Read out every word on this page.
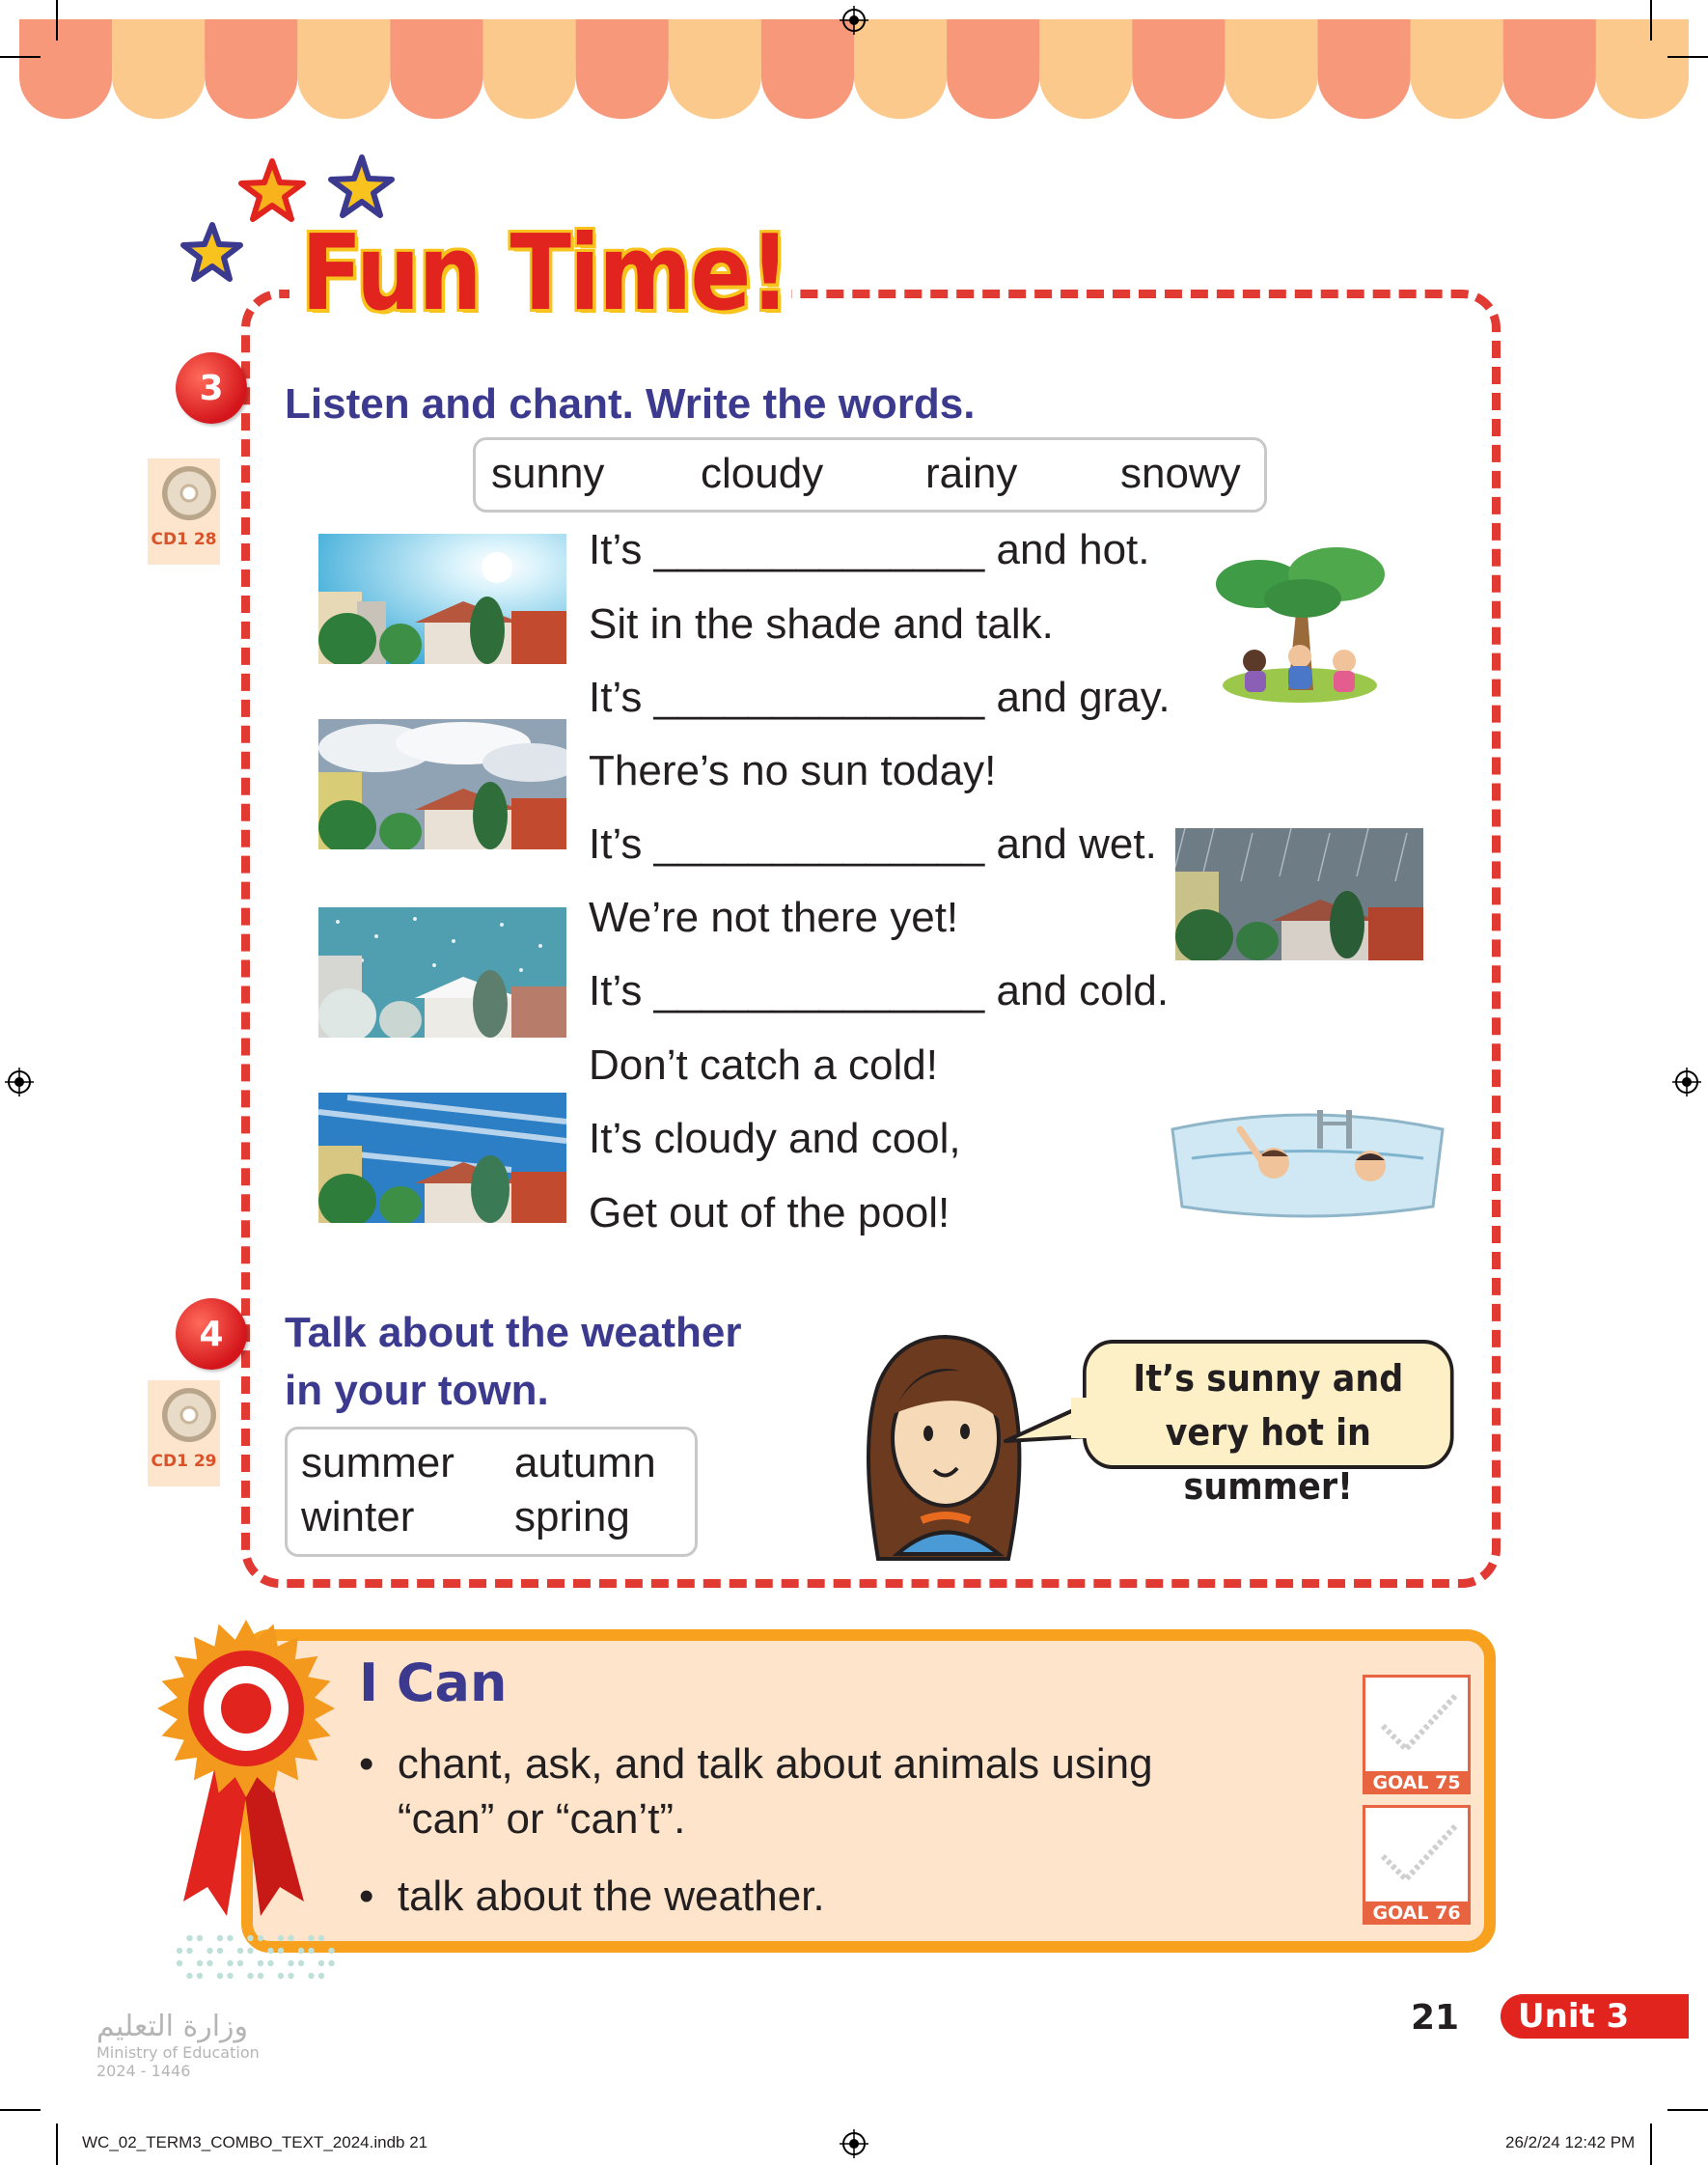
Fun Time!
3	Listen and chant. Write the words.
CD1 28
sunny cloudy rainy snowy
It’s ______________ and hot.
Sit in the shade and talk.
It’s ______________ and gray.
There’s no sun today!
It’s ______________ and wet.
We’re not there yet!
It’s ______________ and cold.
Don’t catch a cold!
It’s cloudy and cool,
Get out of the pool!
4	Talk about the weather
in your town.
CD1 29 summer autumn
winter spring
It’s sunny and
very hot in summer!
I Can
•  chant, ask, and talk about animals using
“can” or “can’t”.
•  talk about the weather.
GOAL 75
GOAL 76
21	Unit 3
وزارة التعليم
Ministry of Education
2024 - 1446
WC_02_TERM3_COMBO_TEXT_2024.indb 21	26/2/24 12:42 PM
